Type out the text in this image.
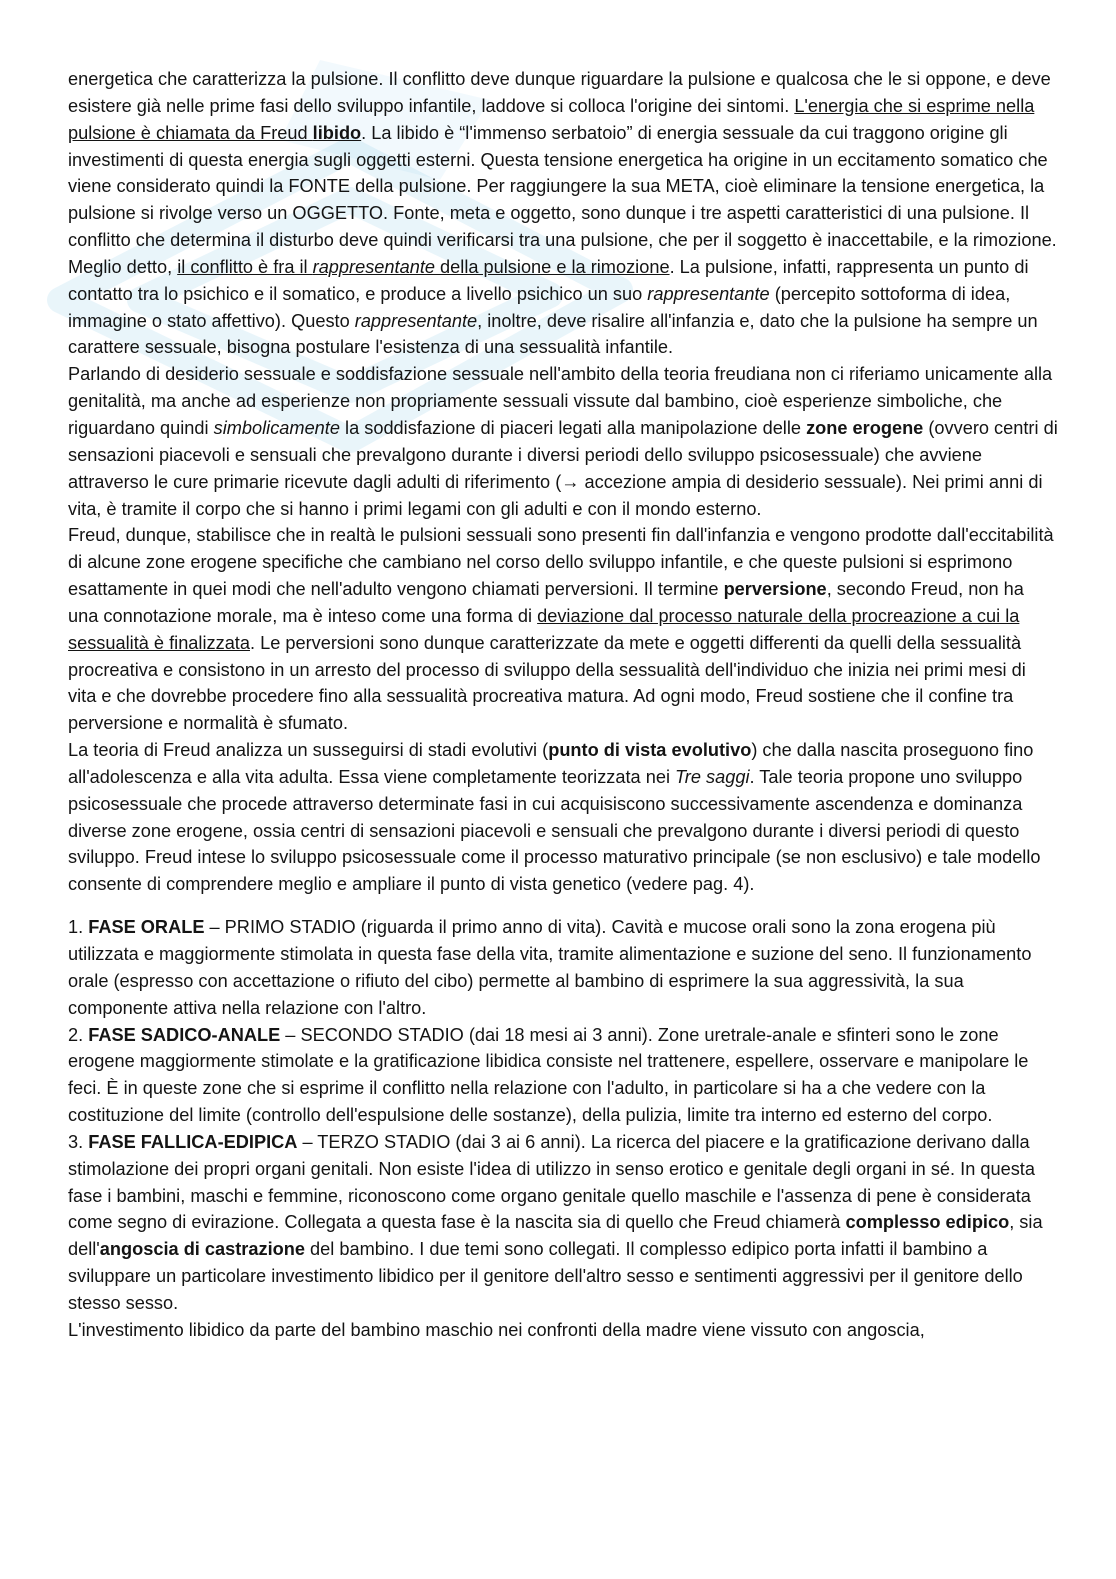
energetica che caratterizza la pulsione. Il conflitto deve dunque riguardare la pulsione e qualcosa che le si oppone, e deve esistere già nelle prime fasi dello sviluppo infantile, laddove si colloca l'origine dei sintomi. L'energia che si esprime nella pulsione è chiamata da Freud libido. La libido è “l'immenso serbatoio” di energia sessuale da cui traggono origine gli investimenti di questa energia sugli oggetti esterni. Questa tensione energetica ha origine in un eccitamento somatico che viene considerato quindi la FONTE della pulsione. Per raggiungere la sua META, cioè eliminare la tensione energetica, la pulsione si rivolge verso un OGGETTO. Fonte, meta e oggetto, sono dunque i tre aspetti caratteristici di una pulsione. Il conflitto che determina il disturbo deve quindi verificarsi tra una pulsione, che per il soggetto è inaccettabile, e la rimozione. Meglio detto, il conflitto è fra il rappresentante della pulsione e la rimozione. La pulsione, infatti, rappresenta un punto di contatto tra lo psichico e il somatico, e produce a livello psichico un suo rappresentante (percepito sottoforma di idea, immagine o stato affettivo). Questo rappresentante, inoltre, deve risalire all'infanzia e, dato che la pulsione ha sempre un carattere sessuale, bisogna postulare l'esistenza di una sessualità infantile.

Parlando di desiderio sessuale e soddisfazione sessuale nell'ambito della teoria freudiana non ci riferiamo unicamente alla genitalità, ma anche ad esperienze non propriamente sessuali vissute dal bambino, cioè esperienze simboliche, che riguardano quindi simbolicamente la soddisfazione di piaceri legati alla manipolazione delle zone erogene (ovvero centri di sensazioni piacevoli e sensuali che prevalgono durante i diversi periodi dello sviluppo psicosessuale) che avviene attraverso le cure primarie ricevute dagli adulti di riferimento (→ accezione ampia di desiderio sessuale). Nei primi anni di vita, è tramite il corpo che si hanno i primi legami con gli adulti e con il mondo esterno.

Freud, dunque, stabilisce che in realtà le pulsioni sessuali sono presenti fin dall'infanzia e vengono prodotte dall'eccitabilità di alcune zone erogene specifiche che cambiano nel corso dello sviluppo infantile, e che queste pulsioni si esprimono esattamente in quei modi che nell'adulto vengono chiamati perversioni. Il termine perversione, secondo Freud, non ha una connotazione morale, ma è inteso come una forma di deviazione dal processo naturale della procreazione a cui la sessualità è finalizzata. Le perversioni sono dunque caratterizzate da mete e oggetti differenti da quelli della sessualità procreativa e consistono in un arresto del processo di sviluppo della sessualità dell'individuo che inizia nei primi mesi di vita e che dovrebbe procedere fino alla sessualità procreativa matura. Ad ogni modo, Freud sostiene che il confine tra perversione e normalità è sfumato.

La teoria di Freud analizza un susseguirsi di stadi evolutivi (punto di vista evolutivo) che dalla nascita proseguono fino all'adolescenza e alla vita adulta. Essa viene completamente teorizzata nei Tre saggi. Tale teoria propone uno sviluppo psicosessuale che procede attraverso determinate fasi in cui acquisiscono successivamente ascendenza e dominanza diverse zone erogene, ossia centri di sensazioni piacevoli e sensuali che prevalgono durante i diversi periodi di questo sviluppo. Freud intese lo sviluppo psicosessuale come il processo maturativo principale (se non esclusivo) e tale modello consente di comprendere meglio e ampliare il punto di vista genetico (vedere pag. 4).

1. FASE ORALE – PRIMO STADIO (riguarda il primo anno di vita). Cavità e mucose orali sono la zona erogena più utilizzata e maggiormente stimolata in questa fase della vita, tramite alimentazione e suzione del seno. Il funzionamento orale (espresso con accettazione o rifiuto del cibo) permette al bambino di esprimere la sua aggressività, la sua componente attiva nella relazione con l'altro.

2. FASE SADICO-ANALE – SECONDO STADIO (dai 18 mesi ai 3 anni). Zone uretrale-anale e sfinteri sono le zone erogene maggiormente stimolate e la gratificazione libidica consiste nel trattenere, espellere, osservare e manipolare le feci. È in queste zone che si esprime il conflitto nella relazione con l'adulto, in particolare si ha a che vedere con la costituzione del limite (controllo dell'espulsione delle sostanze), della pulizia, limite tra interno ed esterno del corpo.

3. FASE FALLICA-EDIPICA – TERZO STADIO (dai 3 ai 6 anni). La ricerca del piacere e la gratificazione derivano dalla stimolazione dei propri organi genitali. Non esiste l'idea di utilizzo in senso erotico e genitale degli organi in sé. In questa fase i bambini, maschi e femmine, riconoscono come organo genitale quello maschile e l'assenza di pene è considerata come segno di evirazione. Collegata a questa fase è la nascita sia di quello che Freud chiamerà complesso edipico, sia dell'angoscia di castrazione del bambino. I due temi sono collegati. Il complesso edipico porta infatti il bambino a sviluppare un particolare investimento libidico per il genitore dell'altro sesso e sentimenti aggressivi per il genitore dello stesso sesso.

L'investimento libidico da parte del bambino maschio nei confronti della madre viene vissuto con angoscia,
